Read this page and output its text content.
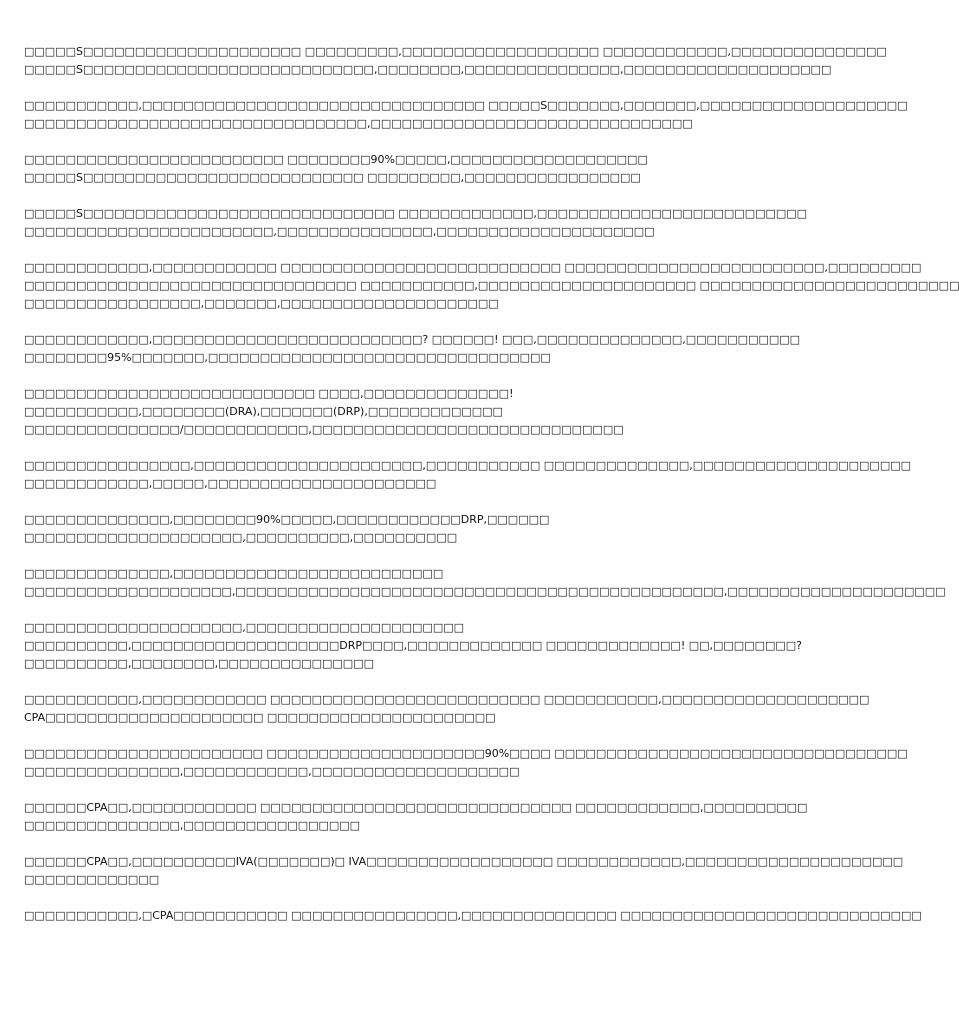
□□□□□S□□□□□□□□□□□□□□□□□□□□□ □□□□□□□□□,□□□□□□□□□□□□□□□□□□□ □□□□□□□□□□□□,□□□□□□□□□□□□□□□
□□□□□S□□□□□□□□□□□□□□□□□□□□□□□□□□□□,□□□□□□□□,□□□□□□□□□□□□□□□,□□□□□□□□□□□□□□□□□□□□
□□□□□□□□□□□,□□□□□□□□□□□□□□□□□□□□□□□□□□□□□□□□□ □□□□□S□□□□□□□,□□□□□□□,□□□□□□□□□□□□□□□□□□□□
□□□□□□□□□□□□□□□□□□□□□□□□□□□□□□□□□,□□□□□□□□□□□□□□□□□□□□□□□□□□□□□□□
□□□□□□□□□□□□□□□□□□□□□□□□□ □□□□□□□□90%□□□□□,□□□□□□□□□□□□□□□□□□□
□□□□□S□□□□□□□□□□□□□□□□□□□□□□□□□□□ □□□□□□□□□,□□□□□□□□□□□□□□□□□
□□□□□S□□□□□□□□□□□□□□□□□□□□□□□□□□□□□□ □□□□□□□□□□□□□,□□□□□□□□□□□□□□□□□□□□□□□□□□
□□□□□□□□□□□□□□□□□□□□□□□□,□□□□□□□□□□□□□□□,□□□□□□□□□□□□□□□□□□□□□
□□□□□□□□□□□□,□□□□□□□□□□□□ □□□□□□□□□□□□□□□□□□□□□□□□□□□ □□□□□□□□□□□□□□□□□□□□□□□□□,□□□□□□□□□
□□□□□□□□□□□□□□□□□□□□□□□□□□□□□□□□ □□□□□□□□□□□,□□□□□□□□□□□□□□□□□□□□□ □□□□□□□□□□□□□□□□□□□□□□□□□
□□□□□□□□□□□□□□□□□,□□□□□□□,□□□□□□□□□□□□□□□□□□□□□
□□□□□□□□□□□□,□□□□□□□□□□□□□□□□□□□□□□□□□□? □□□□□□! □□□,□□□□□□□□□□□□□□,□□□□□□□□□□□
□□□□□□□□95%□□□□□□□,□□□□□□□□□□□□□□□□□□□□□□□□□□□□□□□□□
□□□□□□□□□□□□□□□□□□□□□□□□□□□□ □□□□,□□□□□□□□□□□□□□!
□□□□□□□□□□□,□□□□□□□□(DRA),□□□□□□□(DRP),□□□□□□□□□□□□□
□□□□□□□□□□□□□□□/□□□□□□□□□□□□,□□□□□□□□□□□□□□□□□□□□□□□□□□□□□□
□□□□□□□□□□□□□□□□,□□□□□□□□□□□□□□□□□□□□□□,□□□□□□□□□□□ □□□□□□□□□□□□□□,□□□□□□□□□□□□□□□□□□□□□
□□□□□□□□□□□□,□□□□□,□□□□□□□□□□□□□□□□□□□□□□
□□□□□□□□□□□□□□,□□□□□□□□90%□□□□□,□□□□□□□□□□□□DRP,□□□□□□
□□□□□□□□□□□□□□□□□□□□□,□□□□□□□□□□,□□□□□□□□□□
□□□□□□□□□□□□□□,□□□□□□□□□□□□□□□□□□□□□□□□□□
□□□□□□□□□□□□□□□□□□□□,□□□□□□□□□□□□□□□□□□□□□□□□□□□□□□□□□□□□□□□□□□□□□□□,□□□□□□□□□□□□□□□□□□□□□
□□□□□□□□□□□□□□□□□□□□□,□□□□□□□□□□□□□□□□□□□□□
□□□□□□□□□□,□□□□□□□□□□□□□□□□□□□□DRP□□□□,□□□□□□□□□□□□□ □□□□□□□□□□□□□! □□,□□□□□□□□?
□□□□□□□□□□,□□□□□□□□,□□□□□□□□□□□□□□□
□□□□□□□□□□□,□□□□□□□□□□□□ □□□□□□□□□□□□□□□□□□□□□□□□□□ □□□□□□□□□□□,□□□□□□□□□□□□□□□□□□□□
CPA□□□□□□□□□□□□□□□□□□□□□ □□□□□□□□□□□□□□□□□□□□□□
□□□□□□□□□□□□□□□□□□□□□□□ □□□□□□□□□□□□□□□□□□□□□90%□□□□ □□□□□□□□□□□□□□□□□□□□□□□□□□□□□□□□□□
□□□□□□□□□□□□□□□,□□□□□□□□□□□□,□□□□□□□□□□□□□□□□□□□□
□□□□□□CPA□□,□□□□□□□□□□□□ □□□□□□□□□□□□□□□□□□□□□□□□□□□□□□ □□□□□□□□□□□□,□□□□□□□□□□
□□□□□□□□□□□□□□□,□□□□□□□□□□□□□□□□□
□□□□□□CPA□□,□□□□□□□□□□IVA(□□□□□□□)□ IVA□□□□□□□□□□□□□□□□□□ □□□□□□□□□□□□,□□□□□□□□□□□□□□□□□□□□□
□□□□□□□□□□□□□
□□□□□□□□□□□,□CPA□□□□□□□□□□□ □□□□□□□□□□□□□□□□,□□□□□□□□□□□□□□□ □□□□□□□□□□□□□□□□□□□□□□□□□□□□□
